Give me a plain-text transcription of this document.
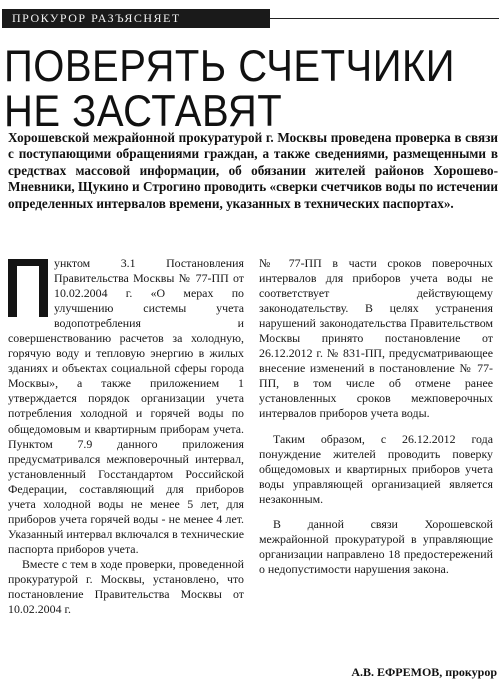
ПРОКУРОР РАЗЪЯСНЯЕТ
ПОВЕРЯТЬ СЧЕТЧИКИ
НЕ ЗАСТАВЯТ

Хорошевской межрайонной прокуратурой г. Москвы проведена проверка в связи с поступающими обращениями граждан, а также сведениями, размещенными в средствах массовой информации, об обязании жителей районов Хорошево-Мневники, Щукино и Строгино проводить «сверки счетчиков воды по истечении определенных интервалов времени, указанных в технических паспортах».

унктом 3.1 Постановления Правительства Москвы № 77-ПП от 10.02.2004 г. «О мерах по улучшению системы учета водопотребления и совершенствованию расчетов за холодную, горячую воду и тепловую энергию в жилых зданиях и объектах социальной сферы города Москвы», а также приложением 1 утверждается порядок организации учета потребления холодной и горячей воды по общедомовым и квартирным приборам учета. Пунктом 7.9 данного приложения предусматривался межповерочный интервал, установленный Госстандартом Российской Федерации, составляющий для приборов учета холодной воды не менее 5 лет, для приборов учета горячей воды - не менее 4 лет. Указанный интервал включался в технические паспорта приборов учета.

Вместе с тем в ходе проверки, проведенной прокуратурой г. Москвы, установлено, что постановление Правительства Москвы от 10.02.2004 г.

№ 77-ПП в части сроков поверочных интервалов для приборов учета воды не соответствует действующему законодательству. В целях устранения нарушений законодательства Правительством Москвы принято постановление от 26.12.2012 г. № 831-ПП, предусматривающее внесение изменений в постановление № 77-ПП, в том числе об отмене ранее установленных сроков межповерочных интервалов приборов учета воды.

Таким образом, с 26.12.2012 года понуждение жителей проводить поверку общедомовых и квартирных приборов учета воды управляющей организацией является незаконным.

В данной связи Хорошевской межрайонной прокуратурой в управляющие организации направлено 18 предостережений о недопустимости нарушения закона.

А.В. ЕФРЕМОВ, прокурор
